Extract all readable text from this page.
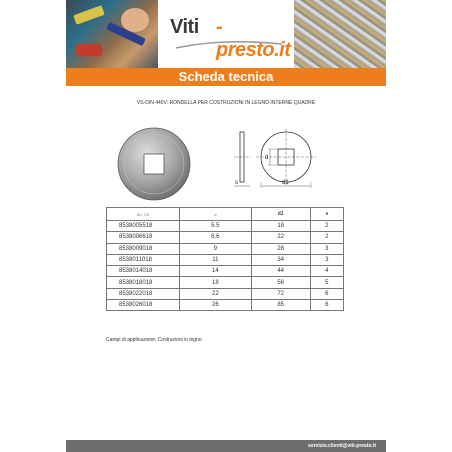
Viti -presto.it
Scheda tecnica
VS-DIN 440V: RONDELLA PER COSTRUZIONI IN LEGNO INTERNE QUADRE
········
d
s	d1
Art. VS	d	d1	s
8538005518	5.5	18	2
8538006618	6.6	22	2
8538009018	9	28	3
8538011018	11	34	3
8538014018	14	44	4
8538018018	18	56	5
8538022018	22	72	6
8538026018	26	85	6
Campi di applicazione: Costruzioni in legno
servizio.clienti@viti-presto.it
